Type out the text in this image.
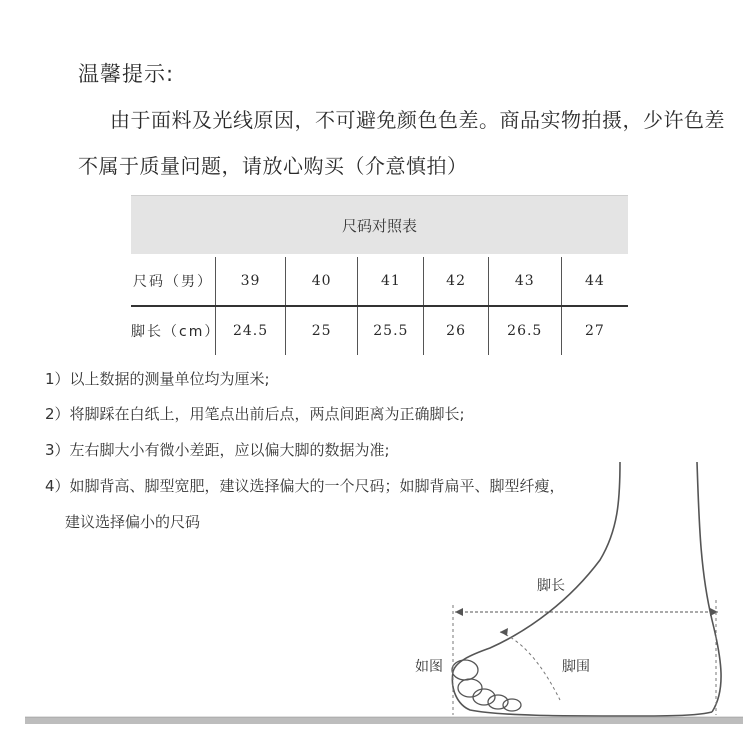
温馨提示:
由于面料及光线原因，不可避免颜色色差。商品实物拍摄，少许色差
不属于质量问题，请放心购买（介意慎拍）
尺码对照表
尺码（男）	39	40	41	42	43	44
脚长（cm） 24.5	25	25.5	26	26.5	27
1）以上数据的测量单位均为厘米;
2）将脚踩在白纸上，用笔点出前后点，两点间距离为正确脚长;
3）左右脚大小有微小差距，应以偏大脚的数据为准;
4）如脚背高、脚型宽肥，建议选择偏大的一个尺码；如脚背扁平、脚型纤瘦，
建议选择偏小的尺码
脚长
如图	脚围
